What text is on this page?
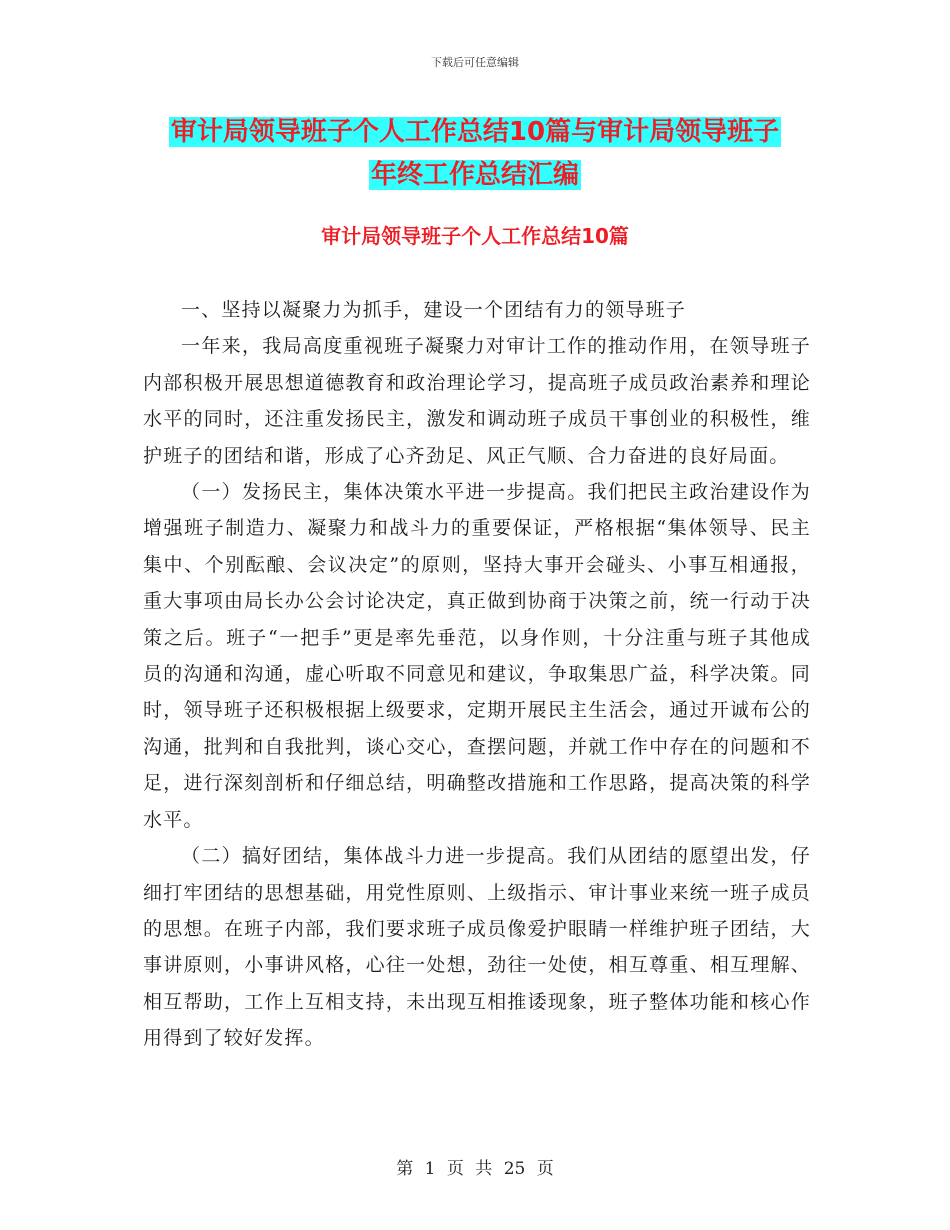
下载后可任意编辑
审计局领导班子个人工作总结10篇与审计局领导班子
年终工作总结汇编
审计局领导班子个人工作总结10篇

一、坚持以凝聚力为抓手，建设一个团结有力的领导班子

一年来，我局高度重视班子凝聚力对审计工作的推动作用，在领导班子内部积极开展思想道德教育和政治理论学习，提高班子成员政治素养和理论水平的同时，还注重发扬民主，激发和调动班子成员干事创业的积极性，维护班子的团结和谐，形成了心齐劲足、风正气顺、合力奋进的良好局面。

（一）发扬民主，集体决策水平进一步提高。我们把民主政治建设作为增强班子制造力、凝聚力和战斗力的重要保证，严格根据“集体领导、民主集中、个别酝酿、会议决定”的原则，坚持大事开会碰头、小事互相通报，重大事项由局长办公会讨论决定，真正做到协商于决策之前，统一行动于决策之后。班子“一把手”更是率先垂范，以身作则，十分注重与班子其他成员的沟通和沟通，虚心听取不同意见和建议，争取集思广益，科学决策。同时，领导班子还积极根据上级要求，定期开展民主生活会，通过开诚布公的沟通，批判和自我批判，谈心交心，查摆问题，并就工作中存在的问题和不足，进行深刻剖析和仔细总结，明确整改措施和工作思路，提高决策的科学水平。

（二）搞好团结，集体战斗力进一步提高。我们从团结的愿望出发，仔细打牢团结的思想基础，用党性原则、上级指示、审计事业来统一班子成员的思想。在班子内部，我们要求班子成员像爱护眼睛一样维护班子团结，大事讲原则，小事讲风格，心往一处想，劲往一处使，相互尊重、相互理解、相互帮助，工作上互相支持，未出现互相推诿现象，班子整体功能和核心作用得到了较好发挥。

第 1 页 共 25 页
